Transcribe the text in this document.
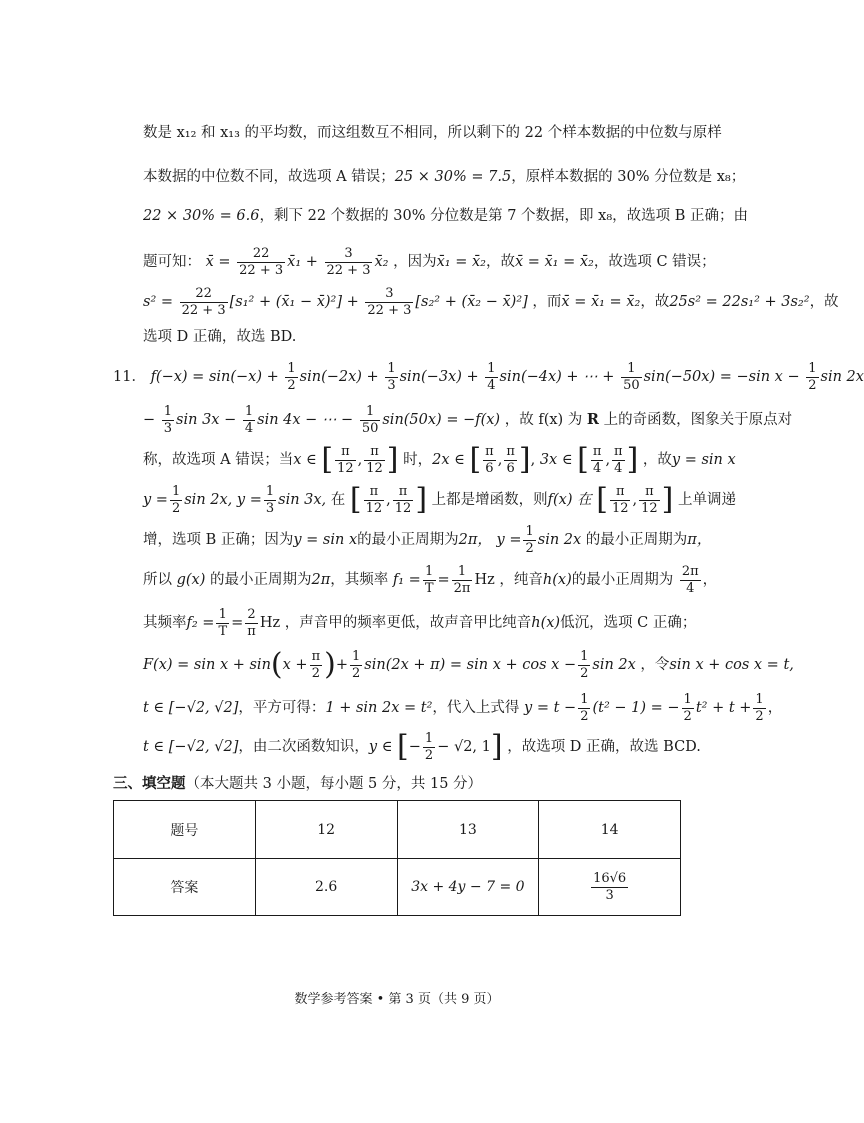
数是 x₁₂ 和 x₁₃ 的平均数，而这组数互不相同，所以剩下的 22 个样本数据的中位数与原样
本数据的中位数不同，故选项 A 错误；25 × 30% = 7.5，原样本数据的 30% 分位数是 x₈；
22 × 30% = 6.6，剩下 22 个数据的 30% 分位数是第 7 个数据，即 x₈，故选项 B 正确；由
题可知： x̄ = $\frac{22}{22 + 3}$ x̄₁ + $\frac{3}{22 + 3}$ x̄₂ ，因为x̄₁ = x̄₂，故x̄ = x̄₁ = x̄₂，故选项 C 错误；
$s^2 = \frac{22}{22 + 3} [s_1^2$ + (x̄₁ − x̄)²] + $\frac{3}{22 + 3} [s_2^2$ + (x̄₂ − x̄)²] ，而x̄ = x̄₁ = x̄₂，故25s² = 22s₁² + 3s₂²，故
选项 D 正确，故选 BD.
11． $f(-x) = \sin(-x) + \frac{1}{2} \sin(-2x) + \frac{1}{3} \sin(-3x) + \frac{1}{4} \sin(-4x)$ + ⋯ + $\frac{1}{50} \sin(-50x) = -\sin$ $x - \frac{1}{2}$ sin 2x
− $\frac{1}{3}$ $\sin 3x - \frac{1}{4}$ sin 4x − ⋯ − $\frac{1}{50} \sin(50x) = -f(x)$ ，故 f(x) 为 R 上的奇函数，图象关于原点对
称，故选项 A 错误；当x ∈ [ $\frac{\pi}{12}$ , $\frac{\pi}{12}$ ] 时，2x ∈ [ $\frac{\pi}{6}$ , $\frac{\pi}{6}$ ], 3x ∈ [ $\frac{\pi}{4}$ , $\frac{\pi}{4}$ ] ，故y = sin x
$y = \frac{1}{2}$ sin 2x, $y = \frac{1}{3}$ sin 3x, 在 [ $\frac{\pi}{12}$ , $\frac{\pi}{12}$ ] 上都是增函数，则f(x) 在 [ $\frac{\pi}{12}$ , $\frac{\pi}{12}$ ] 上单调递
增，选项 B 正确；因为y = sin x的最小正周期为2π， $y = \frac{1}{2}$ sin 2x 的最小正周期为π，
所以 g(x) 的最小正周期为2π，其频率 $f_1 = \frac{1}{T} = \frac{1}{2\pi}$ Hz ，纯音h(x)的最小正周期为 $\frac{2\pi}{4}$ ，
其频率$f_2 = \frac{1}{T} = \frac{2}{\pi}$ Hz ，声音甲的频率更低，故声音甲比纯音h(x)低沉，选项 C 正确；
$F(x) = \sin x + \sin(x + \frac{\pi}{2}$ )+ $\frac{1}{2} \sin(2x + \pi) = \sin x + \cos x - \frac{1}{2}$ sin 2x ，令sin x + cos x = t,
t ∈ [−√2, √2]，平方可得：1 + sin 2x = t²，代入上式得 $y = t - \frac{1}{2} (t^2 - 1)$ = − $\frac{1}{2} t^2 + t + \frac{1}{2}$ ，
t ∈ [−√2, √2]，由二次函数知识，y ∈ [− $\frac{1}{2} - √2$, 1] ，故选项 D 正确，故选 BCD.
三、填空题（本大题共 3 小题，每小题 5 分，共 15 分）
题号	12	13	14
答案	2.6	3x + 4y − 7 = 0	$\frac{16√6}{3}$
数学参考答案 • 第 3 页（共 9 页）
